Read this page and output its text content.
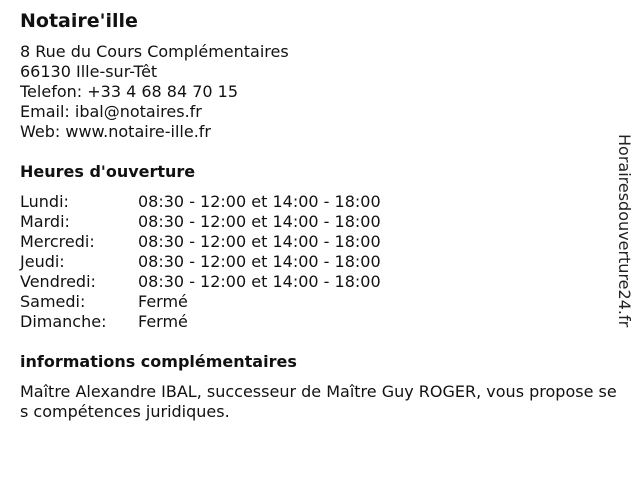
Notaire'ille
8 Rue du Cours Complémentaires
66130 Ille-sur-Têt
Telefon: +33 4 68 84 70 15
Email: ibal@notaires.fr
Web: www.notaire-ille.fr
Heures d'ouverture
Lundi:	08:30 - 12:00 et 14:00 - 18:00
Mardi:	08:30 - 12:00 et 14:00 - 18:00
Mercredi:	08:30 - 12:00 et 14:00 - 18:00
Jeudi:	08:30 - 12:00 et 14:00 - 18:00
Vendredi:	08:30 - 12:00 et 14:00 - 18:00
Samedi:	Fermé
Dimanche:	Fermé
informations complémentaires
Maître Alexandre IBAL, successeur de Maître Guy ROGER, vous propose ses compétences juridiques.
Horairesdouverture24.fr
